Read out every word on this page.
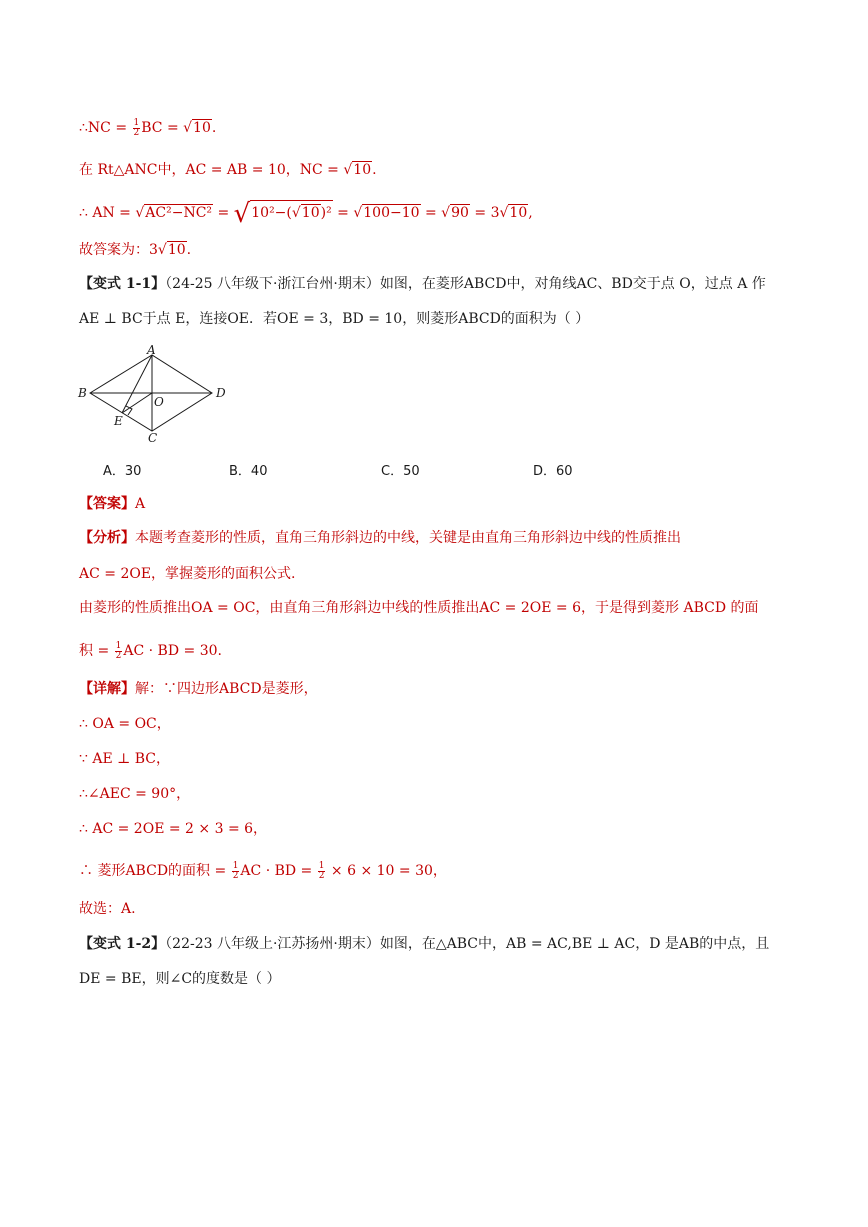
∴NC = $\frac{1}{2}$ BC = √10.
在 Rt△ANC中，AC = AB = 10，NC = √10.
∴ AN = √AC²−NC² = √10²−(√10)² = √100−10 = √90 = 3√10,
故答案为：3√10.
【变式 1-1】（24-25 八年级下·浙江台州·期末）如图，在菱形ABCD中，对角线AC、BD交于点 O，过点 A 作
AE ⊥ BC于点 E，连接OE．若OE = 3，BD = 10，则菱形ABCD的面积为（ ）
A
B
C
D
E
O
A．30	B．40	C．50	D．60
【答案】A
【分析】本题考查菱形的性质，直角三角形斜边的中线，关键是由直角三角形斜边中线的性质推出
AC = 2OE，掌握菱形的面积公式.
由菱形的性质推出OA = OC，由直角三角形斜边中线的性质推出AC = 2OE = 6，于是得到菱形 ABCD 的面
积 = $\frac{1}{2}$ AC · BD = 30.
【详解】解：∵四边形ABCD是菱形，
∴ OA = OC，
∵ AE ⊥ BC，
∴∠AEC = 90°，
∴ AC = 2OE = 2 × 3 = 6，
∴ 菱形ABCD的面积 = $\frac{1}{2}$ AC · BD = $\frac{1}{2} \times 6 \times 10 = 30$，
故选：A.
【变式 1-2】（22-23 八年级上·江苏扬州·期末）如图，在△ABC中，AB = AC,BE ⊥ AC，D 是AB的中点，且
DE = BE，则∠C的度数是（ ）
